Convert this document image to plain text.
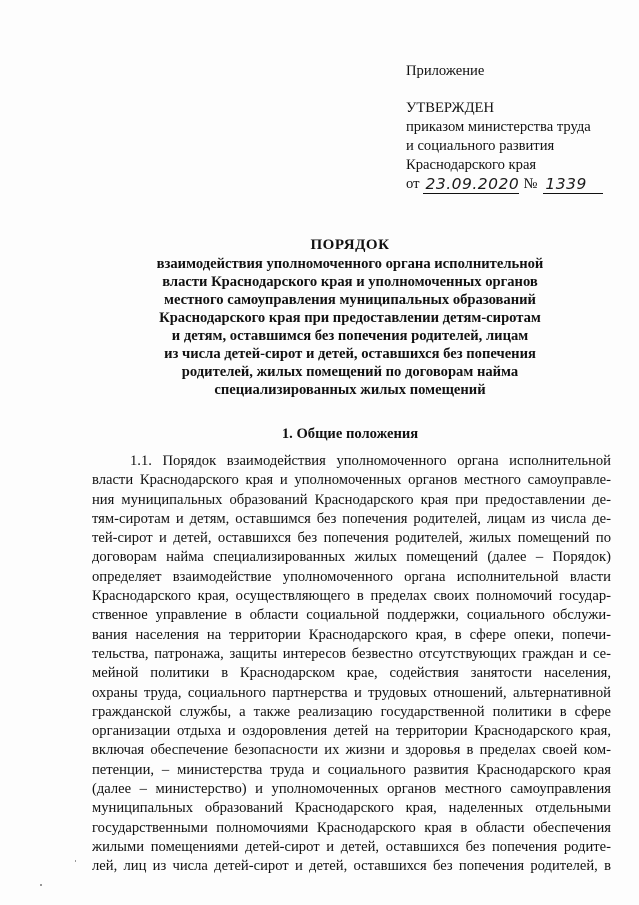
Приложение
УТВЕРЖДЕН
приказом министерства труда
и социального развития
Краснодарского края
от 23.09.2020 № 1339
ПОРЯДОК
взаимодействия уполномоченного органа исполнительной
власти Краснодарского края и уполномоченных органов
местного самоуправления муниципальных образований
Краснодарского края при предоставлении детям-сиротам
и детям, оставшимся без попечения родителей, лицам
из числа детей-сирот и детей, оставшихся без попечения
родителей, жилых помещений по договорам найма
специализированных жилых помещений
1. Общие положения
1.1. Порядок взаимодействия уполномоченного органа исполнительной
власти Краснодарского края и уполномоченных органов местного самоуправле-
ния муниципальных образований Краснодарского края при предоставлении де-
тям-сиротам и детям, оставшимся без попечения родителей, лицам из числа де-
тей-сирот и детей, оставшихся без попечения родителей, жилых помещений по
договорам найма специализированных жилых помещений (далее – Порядок)
определяет взаимодействие уполномоченного органа исполнительной власти
Краснодарского края, осуществляющего в пределах своих полномочий государ-
ственное управление в области социальной поддержки, социального обслужи-
вания населения на территории Краснодарского края, в сфере опеки, попечи-
тельства, патронажа, защиты интересов безвестно отсутствующих граждан и се-
мейной политики в Краснодарском крае, содействия занятости населения,
охраны труда, социального партнерства и трудовых отношений, альтернативной
гражданской службы, а также реализацию государственной политики в сфере
организации отдыха и оздоровления детей на территории Краснодарского края,
включая обеспечение безопасности их жизни и здоровья в пределах своей ком-
петенции, – министерства труда и социального развития Краснодарского края
(далее – министерство) и уполномоченных органов местного самоуправления
муниципальных образований Краснодарского края, наделенных отдельными
государственными полномочиями Краснодарского края в области обеспечения
жилыми помещениями детей-сирот и детей, оставшихся без попечения родите-
лей, лиц из числа детей-сирот и детей, оставшихся без попечения родителей, в
